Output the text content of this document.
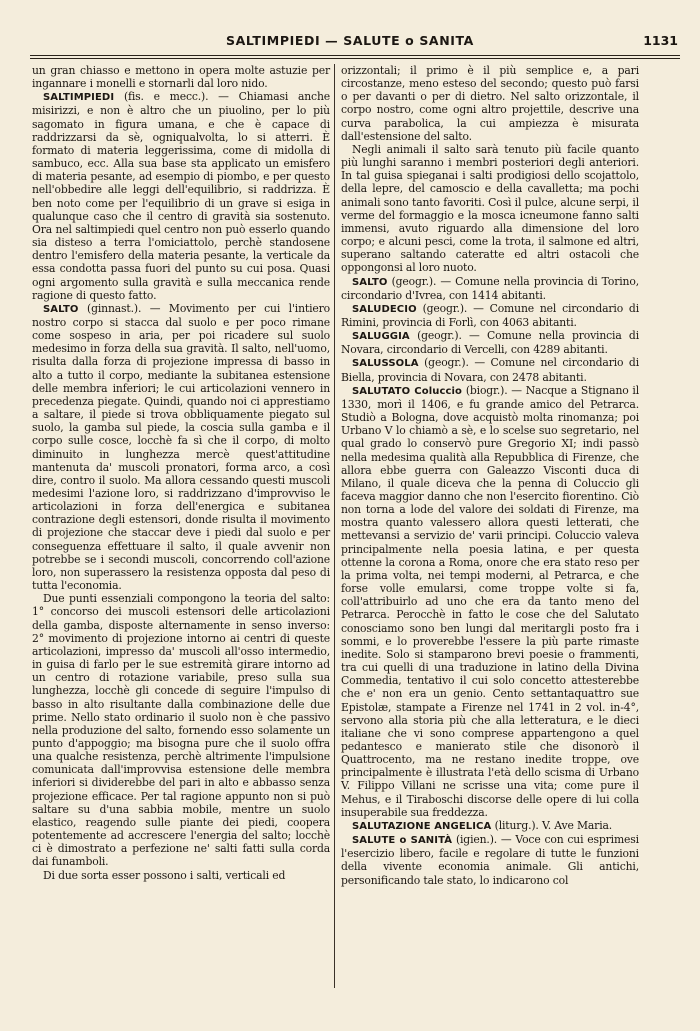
SALTIMPIEDI — SALUTE o SANITA	1131

un gran chiasso e mettono in opera molte astuzie per ingannare i monelli e stornarli dal loro nido.

SALTIMPIEDI (fis. e mecc.). — Chiamasi anche misirizzi, e non è altro che un piuolino, per lo più sagomato in figura umana, e che è capace di raddrizzarsi da sè, ogniqualvolta, lo si atterri. È formato di materia leggerissima, come di midolla di sambuco, ecc. Alla sua base sta applicato un emisfero di materia pesante, ad esempio di piombo, e per questo nell'obbedire alle leggi dell'equilibrio, si raddrizza. È ben noto come per l'equilibrio di un grave si esiga in qualunque caso che il centro di gravità sia sostenuto. Ora nel saltimpiedi quel centro non può esserlo quando sia disteso a terra l'omiciattolo, perchè standosene dentro l'emisfero della materia pesante, la verticale da essa condotta passa fuori del punto su cui posa. Quasi ogni argomento sulla gravità e sulla meccanica rende ragione di questo fatto.

SALTO (ginnast.). — Movimento per cui l'intiero nostro corpo si stacca dal suolo e per poco rimane come sospeso in aria, per poi ricadere sul suolo medesimo in forza della sua gravità. Il salto, nell'uomo, risulta dalla forza di projezione impressa di basso in alto a tutto il corpo, mediante la subitanea estensione delle membra inferiori; le cui articolazioni vennero in precedenza piegate. Quindi, quando noi ci apprestiamo a saltare, il piede si trova obbliquamente piegato sul suolo, la gamba sul piede, la coscia sulla gamba e il corpo sulle cosce, locchè fa sì che il corpo, di molto diminuito in lunghezza mercè quest'attitudine mantenuta da' muscoli pronatori, forma arco, a così dire, contro il suolo. Ma allora cessando questi muscoli medesimi l'azione loro, si raddrizzano d'improvviso le articolazioni in forza dell'energica e subitanea contrazione degli estensori, donde risulta il movimento di projezione che staccar deve i piedi dal suolo e per conseguenza effettuare il salto, il quale avvenir non potrebbe se i secondi muscoli, concorrendo coll'azione loro, non superassero la resistenza opposta dal peso di tutta l'economia.

Due punti essenziali compongono la teoria del salto: 1° concorso dei muscoli estensori delle articolazioni della gamba, disposte alternamente in senso inverso: 2° movimento di projezione intorno ai centri di queste articolazioni, impresso da' muscoli all'osso intermedio, in guisa di farlo per le sue estremità girare intorno ad un centro di rotazione variabile, preso sulla sua lunghezza, locchè gli concede di seguire l'impulso di basso in alto risultante dalla combinazione delle due prime. Nello stato ordinario il suolo non è che passivo nella produzione del salto, fornendo esso solamente un punto d'appoggio; ma bisogna pure che il suolo offra una qualche resistenza, perchè altrimente l'impulsione comunicata dall'improvvisa estensione delle membra inferiori si dividerebbe del pari in alto e abbasso senza projezione efficace. Per tal ragione appunto non si può saltare su d'una sabbia mobile, mentre un suolo elastico, reagendo sulle piante dei piedi, coopera potentemente ad accrescere l'energia del salto; locchè ci è dimostrato a perfezione ne' salti fatti sulla corda dai funamboli.

Di due sorta esser possono i salti, verticali ed

orizzontali; il primo è il più semplice e, a pari circostanze, meno esteso del secondo; questo può farsi o per davanti o per di dietro. Nel salto orizzontale, il corpo nostro, come ogni altro projettile, descrive una curva parabolica, la cui ampiezza è misurata dall'estensione del salto.

Negli animali il salto sarà tenuto più facile quanto più lunghi saranno i membri posteriori degli anteriori. In tal guisa spieganai i salti prodigiosi dello scojattolo, della lepre, del camoscio e della cavalletta; ma pochi animali sono tanto favoriti. Così il pulce, alcune serpi, il verme del formaggio e la mosca icneumone fanno salti immensi, avuto riguardo alla dimensione del loro corpo; e alcuni pesci, come la trota, il salmone ed altri, superano saltando cateratte ed altri ostacoli che oppongonsi al loro nuoto.

SALTO (geogr.). — Comune nella provincia di Torino, circondario d'Ivrea, con 1414 abitanti.

SALUDECIO (geogr.). — Comune nel circondario di Rimini, provincia di Forlì, con 4063 abitanti.

SALUGGIA (geogr.). — Comune nella provincia di Novara, circondario di Vercelli, con 4289 abitanti.

SALUSSOLA (geogr.). — Comune nel circondario di Biella, provincia di Novara, con 2478 abitanti.

SALUTATO Coluccio (biogr.). — Nacque a Stignano il 1330, morì il 1406, e fu grande amico del Petrarca. Studiò a Bologna, dove acquistò molta rinomanza; poi Urbano V lo chiamò a sè, e lo scelse suo segretario, nel qual grado lo conservò pure Gregorio XI; indi passò nella medesima qualità alla Repubblica di Firenze, che allora ebbe guerra con Galeazzo Visconti duca di Milano, il quale diceva che la penna di Coluccio gli faceva maggior danno che non l'esercito fiorentino. Ciò non torna a lode del valore dei soldati di Firenze, ma mostra quanto valessero allora questi letterati, che mettevansi a servizio de' varii principi. Coluccio valeva principalmente nella poesia latina, e per questa ottenne la corona a Roma, onore che era stato reso per la prima volta, nei tempi moderni, al Petrarca, e che forse volle emularsi, come troppe volte si fa, coll'attribuirlo ad uno che era da tanto meno del Petrarca. Perocchè in fatto le cose che del Salutato conosciamo sono ben lungi dal meritargli posto fra i sommi, e lo proverebbe l'essere la più parte rimaste inedite. Solo si stamparono brevi poesie o frammenti, tra cui quelli di una traduzione in latino della Divina Commedia, tentativo il cui solo concetto attesterebbe che e' non era un genio. Cento settantaquattro sue Epistolæ, stampate a Firenze nel 1741 in 2 vol. in-4°, servono alla storia più che alla letteratura, e le dieci italiane che vi sono comprese appartengono a quel pedantesco e manierato stile che disonorò il Quattrocento, ma ne restano inedite troppe, ove principalmente è illustrata l'età dello scisma di Urbano V. Filippo Villani ne scrisse una vita; come pure il Mehus, e il Tiraboschi discorse delle opere di lui colla insuperabile sua freddezza.

SALUTAZIONE ANGELICA (liturg.). V. Ave Maria.

SALUTE o SANITÀ (igien.). — Voce con cui esprimesi l'esercizio libero, facile e regolare di tutte le funzioni della vivente economia animale. Gli antichi, personificando tale stato, lo indicarono col
